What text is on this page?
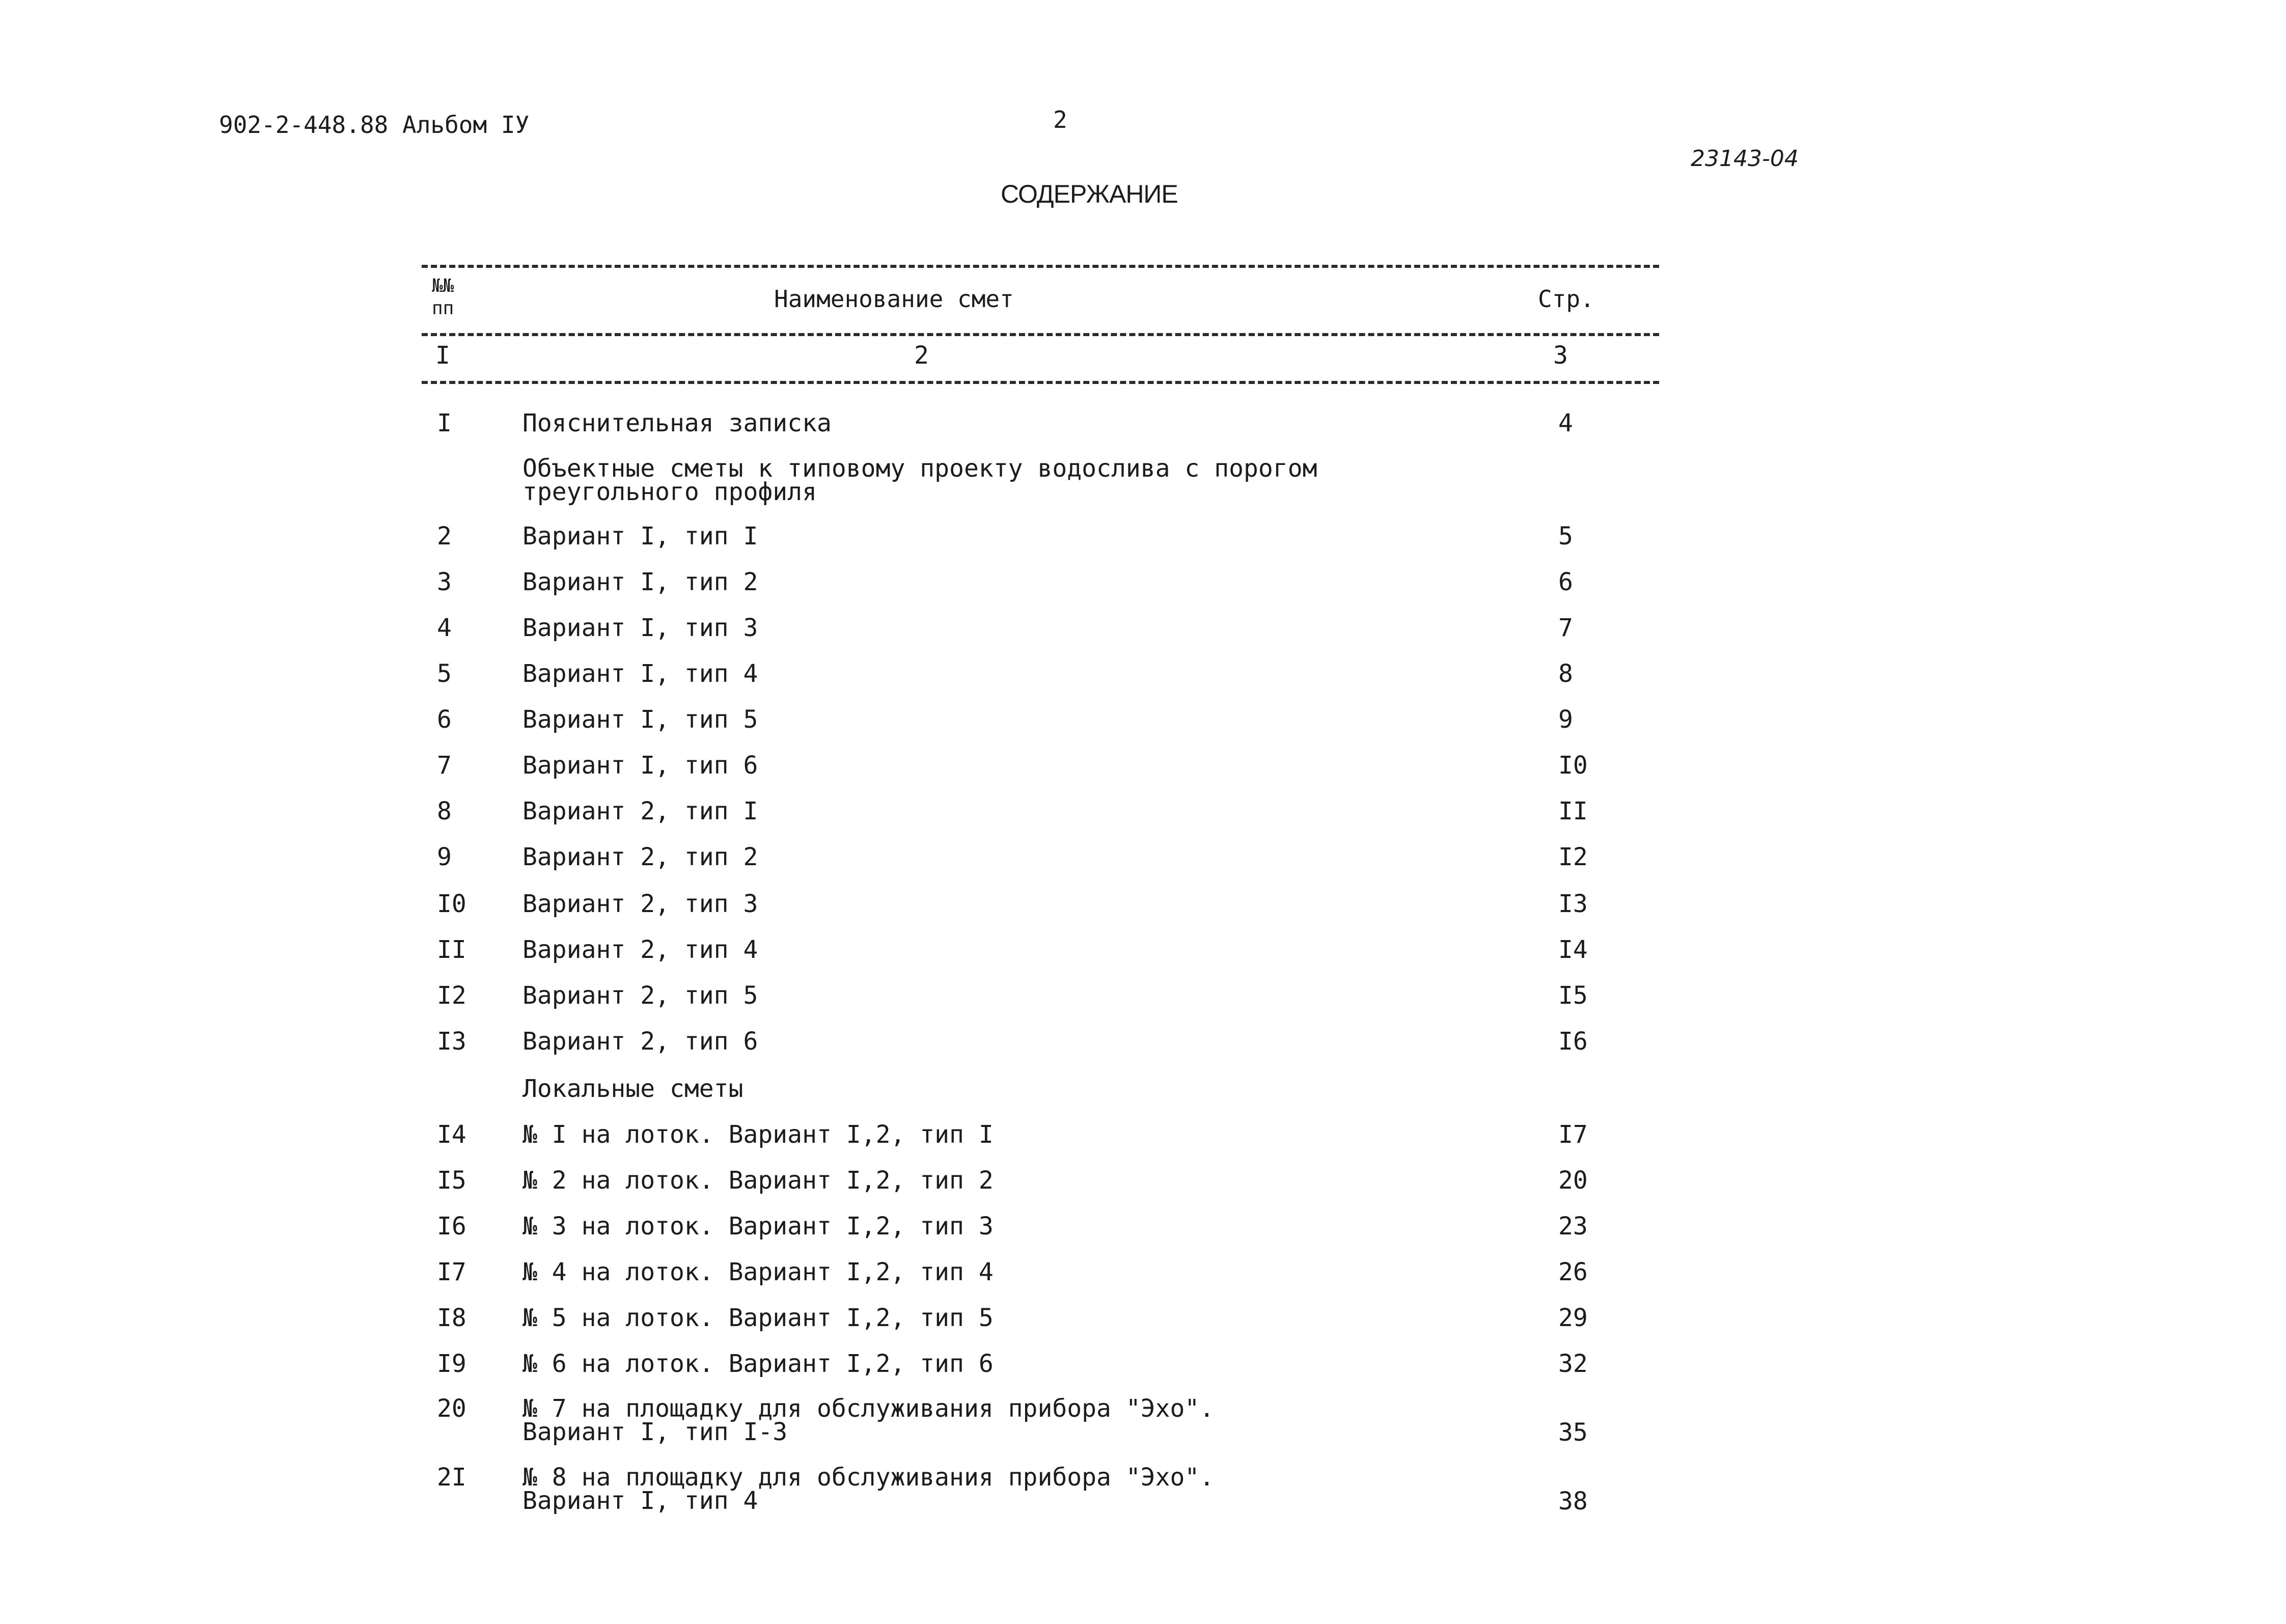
902-2-448.88 Альбом IУ	2
23143-04
СОДЕРЖАНИЕ
№№
пп	Наименование смет	Стр.
I	2	3
I	Пояснительная записка	4
Объектные сметы к типовому проекту водослива с порогом
треугольного профиля
2	Вариант I, тип I	5
3	Вариант I, тип 2	6
4	Вариант I, тип 3	7
5	Вариант I, тип 4	8
6	Вариант I, тип 5	9
7	Вариант I, тип 6	I0
8	Вариант 2, тип I	II
9	Вариант 2, тип 2	I2
I0 Вариант 2, тип 3	I3
II Вариант 2, тип 4	I4
I2 Вариант 2, тип 5	I5
I3 Вариант 2, тип 6	I6
Локальные сметы
I4 № I на лоток. Вариант I,2, тип I	I7
I5 № 2 на лоток. Вариант I,2, тип 2	20
I6 № 3 на лоток. Вариант I,2, тип 3	23
I7 № 4 на лоток. Вариант I,2, тип 4	26
I8 № 5 на лоток. Вариант I,2, тип 5	29
I9 № 6 на лоток. Вариант I,2, тип 6	32
20 № 7 на площадку для обслуживания прибора "Эхо".
Вариант I, тип I-3	35
2I № 8 на площадку для обслуживания прибора "Эхо".
Вариант I, тип 4	38
